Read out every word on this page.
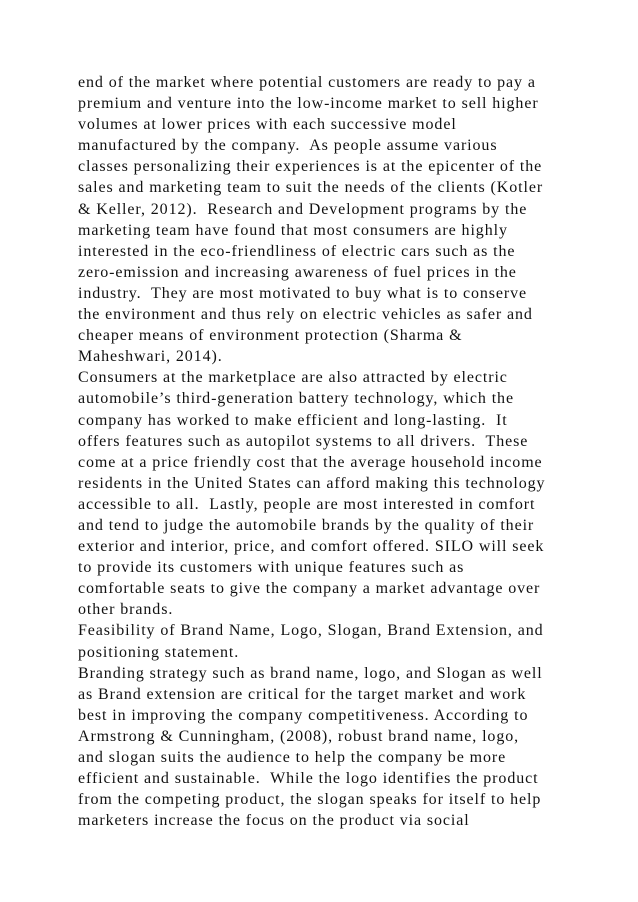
end of the market where potential customers are ready to pay a
premium and venture into the low-income market to sell higher
volumes at lower prices with each successive model
manufactured by the company.  As people assume various
classes personalizing their experiences is at the epicenter of the
sales and marketing team to suit the needs of the clients (Kotler
& Keller, 2012).  Research and Development programs by the
marketing team have found that most consumers are highly
interested in the eco-friendliness of electric cars such as the
zero-emission and increasing awareness of fuel prices in the
industry.  They are most motivated to buy what is to conserve
the environment and thus rely on electric vehicles as safer and
cheaper means of environment protection (Sharma &
Maheshwari, 2014).
Consumers at the marketplace are also attracted by electric
automobile’s third-generation battery technology, which the
company has worked to make efficient and long-lasting.  It
offers features such as autopilot systems to all drivers.  These
come at a price friendly cost that the average household income
residents in the United States can afford making this technology
accessible to all.  Lastly, people are most interested in comfort
and tend to judge the automobile brands by the quality of their
exterior and interior, price, and comfort offered. SILO will seek
to provide its customers with unique features such as
comfortable seats to give the company a market advantage over
other brands.
Feasibility of Brand Name, Logo, Slogan, Brand Extension, and
positioning statement.
Branding strategy such as brand name, logo, and Slogan as well
as Brand extension are critical for the target market and work
best in improving the company competitiveness. According to
Armstrong & Cunningham, (2008), robust brand name, logo,
and slogan suits the audience to help the company be more
efficient and sustainable.  While the logo identifies the product
from the competing product, the slogan speaks for itself to help
marketers increase the focus on the product via social
